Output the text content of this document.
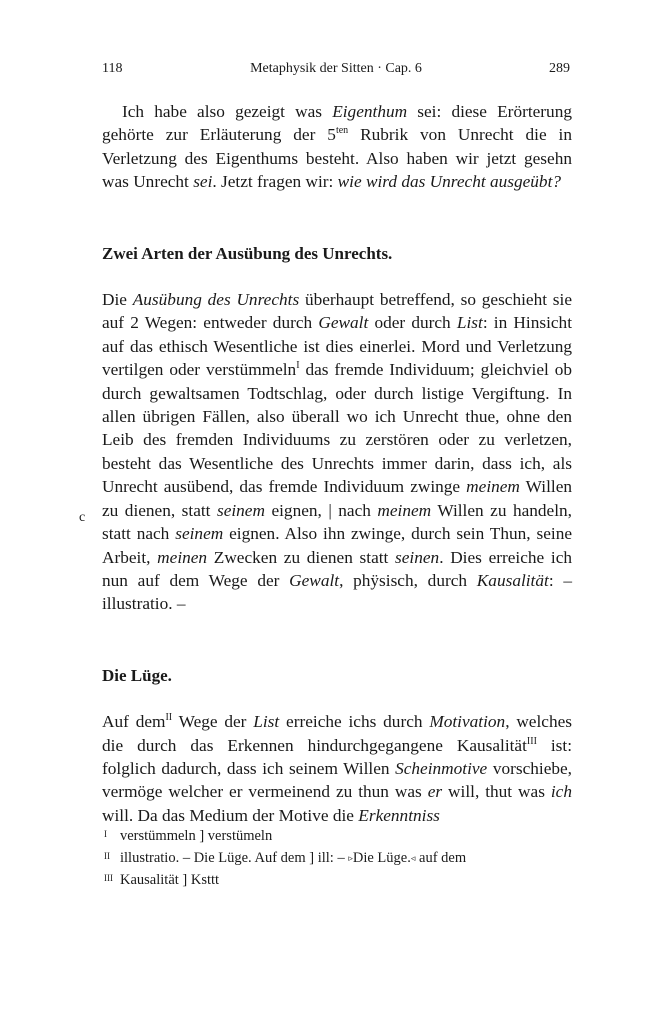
118	Metaphysik der Sitten · Cap. 6	289
c

Ich habe also gezeigt was Eigenthum sei: diese Erörterung gehörte zur Erläuterung der $5^{ten}$ Rubrik von Unrecht die in Verletzung des Eigenthums besteht. Also haben wir jetzt gesehn was Unrecht sei. Jetzt fragen wir: wie wird das Unrecht ausgeübt?

Zwei Arten der Ausübung des Unrechts.

Die Ausübung des Unrechts überhaupt betreffend, so geschieht sie auf 2 Wegen: entweder durch Gewalt oder durch List: in Hinsicht auf das ethisch Wesentliche ist dies einerlei. Mord und Verletzung vertilgen oder verstümmeln$^I$ das fremde Individuum; gleichviel ob durch gewaltsamen Todtschlag, oder durch listige Vergiftung. In allen übrigen Fällen, also überall wo ich Unrecht thue, ohne den Leib des fremden Individuums zu zerstören oder zu verletzen, besteht das Wesentliche des Unrechts immer darin, dass ich, als Unrecht ausübend, das fremde Individuum zwinge meinem Willen zu dienen, statt seinem eignen, | nach meinem Willen zu handeln, statt nach seinem eignen. Also ihn zwinge, durch sein Thun, seine Arbeit, meinen Zwecken zu dienen statt seinen. Dies erreiche ich nun auf dem Wege der Gewalt, phÿsisch, durch Kausalität: – illustratio. –

Die Lüge.

Auf dem$^{II}$ Wege der List erreiche ichs durch Motivation, welches die durch das Erkennen hindurchgegangene Kausalität$^{III}$ ist: folglich dadurch, dass ich seinem Willen Scheinmotive vorschiebe, vermöge welcher er vermeinend zu thun was er will, thut was ich will. Da das Medium der Motive die Erkenntniss

I verstümmeln ] verstümeln
II illustratio. – Die Lüge. Auf dem ] ill: – ▹Die Lüge.◃ auf dem
III Kausalität ] Ksttt
